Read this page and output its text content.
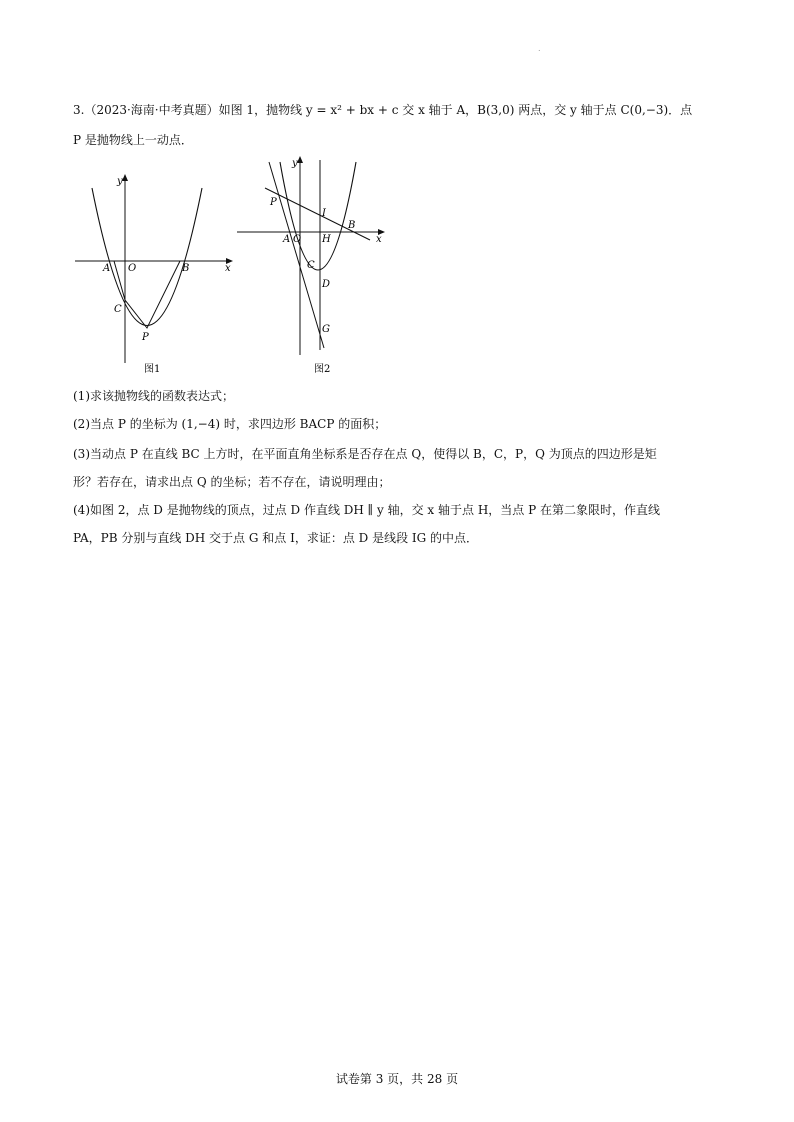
.
3.（2023·海南·中考真题）如图 1，抛物线 y = x² + bx + c 交 x 轴于 A，B(3,0) 两点，交 y 轴于点 C(0,−3)．点
P 是抛物线上一动点．
y
x
A O	B
C
P
图1
y
x
P
I
B
A O H
C
D
G
图2
(1)求该抛物线的函数表达式；
(2)当点 P 的坐标为 (1,−4) 时，求四边形 BACP 的面积；
(3)当动点 P 在直线 BC 上方时，在平面直角坐标系是否存在点 Q，使得以 B，C，P，Q 为顶点的四边形是矩
形？若存在，请求出点 Q 的坐标；若不存在，请说明理由；
(4)如图 2，点 D 是抛物线的顶点，过点 D 作直线 DH ∥ y 轴，交 x 轴于点 H，当点 P 在第二象限时，作直线
PA，PB 分别与直线 DH 交于点 G 和点 I，求证：点 D 是线段 IG 的中点．
试卷第 3 页，共 28 页
